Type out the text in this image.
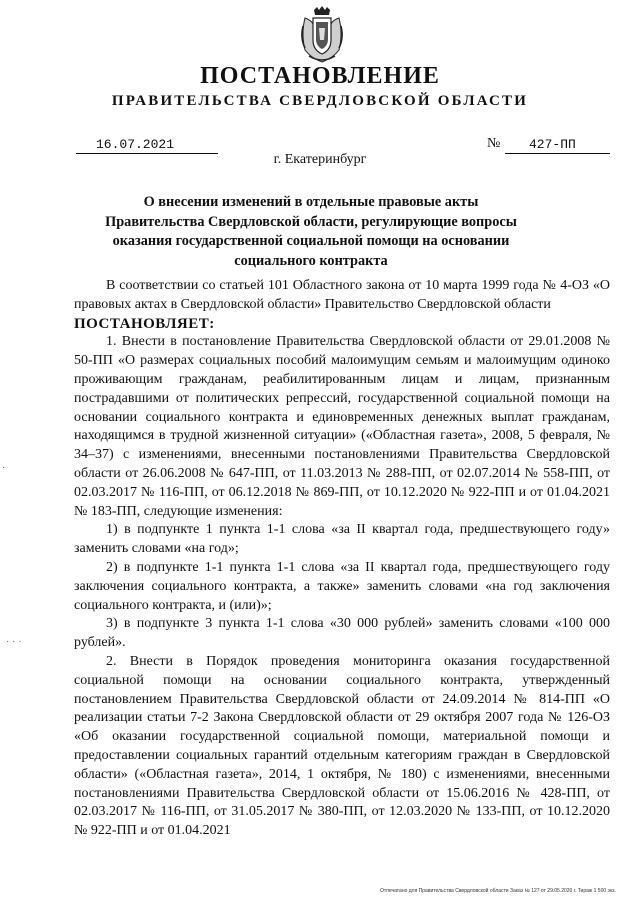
ПОСТАНОВЛЕНИЕ
ПРАВИТЕЛЬСТВА СВЕРДЛОВСКОЙ ОБЛАСТИ
16.07.2021	№	427-ПП
г. Екатеринбург
О внесении изменений в отдельные правовые акты Правительства Свердловской области, регулирующие вопросы оказания государственной социальной помощи на основании социального контракта

В соответствии со статьей 101 Областного закона от 10 марта 1999 года № 4-ОЗ «О правовых актах в Свердловской области» Правительство Свердловской области

ПОСТАНОВЛЯЕТ:

1. Внести в постановление Правительства Свердловской области от 29.01.2008 № 50-ПП «О размерах социальных пособий малоимущим семьям и малоимущим одиноко проживающим гражданам, реабилитированным лицам и лицам, признанным пострадавшими от политических репрессий, государственной социальной помощи на основании социального контракта и единовременных денежных выплат гражданам, находящимся в трудной жизненной ситуации» («Областная газета», 2008, 5 февраля, № 34–37) с изменениями, внесенными постановлениями Правительства Свердловской области от 26.06.2008 № 647-ПП, от 11.03.2013 № 288-ПП, от 02.07.2014 № 558-ПП, от 02.03.2017 № 116-ПП, от 06.12.2018 № 869-ПП, от 10.12.2020 № 922-ПП и от 01.04.2021 № 183-ПП, следующие изменения:

1) в подпункте 1 пункта 1-1 слова «за II квартал года, предшествующего году» заменить словами «на год»;

2) в подпункте 1-1 пункта 1-1 слова «за II квартал года, предшествующего году заключения социального контракта, а также» заменить словами «на год заключения социального контракта, и (или)»;

3) в подпункте 3 пункта 1-1 слова «30 000 рублей» заменить словами «100 000 рублей».

2. Внести в Порядок проведения мониторинга оказания государственной социальной помощи на основании социального контракта, утвержденный постановлением Правительства Свердловской области от 24.09.2014 № 814-ПП «О реализации статьи 7-2 Закона Свердловской области от 29 октября 2007 года № 126-ОЗ «Об оказании государственной социальной помощи, материальной помощи и предоставлении социальных гарантий отдельным категориям граждан в Свердловской области» («Областная газета», 2014, 1 октября, № 180) с изменениями, внесенными постановлениями Правительства Свердловской области от 15.06.2016 № 428-ПП, от 02.03.2017 № 116-ПП, от 31.05.2017 № 380-ПП, от 12.03.2020 № 133-ПП, от 10.12.2020 № 922-ПП и от 01.04.2021

·
· · ·
Отпечатано для Правительства Свердловской области Заказ № 127 от 29.05.2020 г. Тираж 1 500 экз.
